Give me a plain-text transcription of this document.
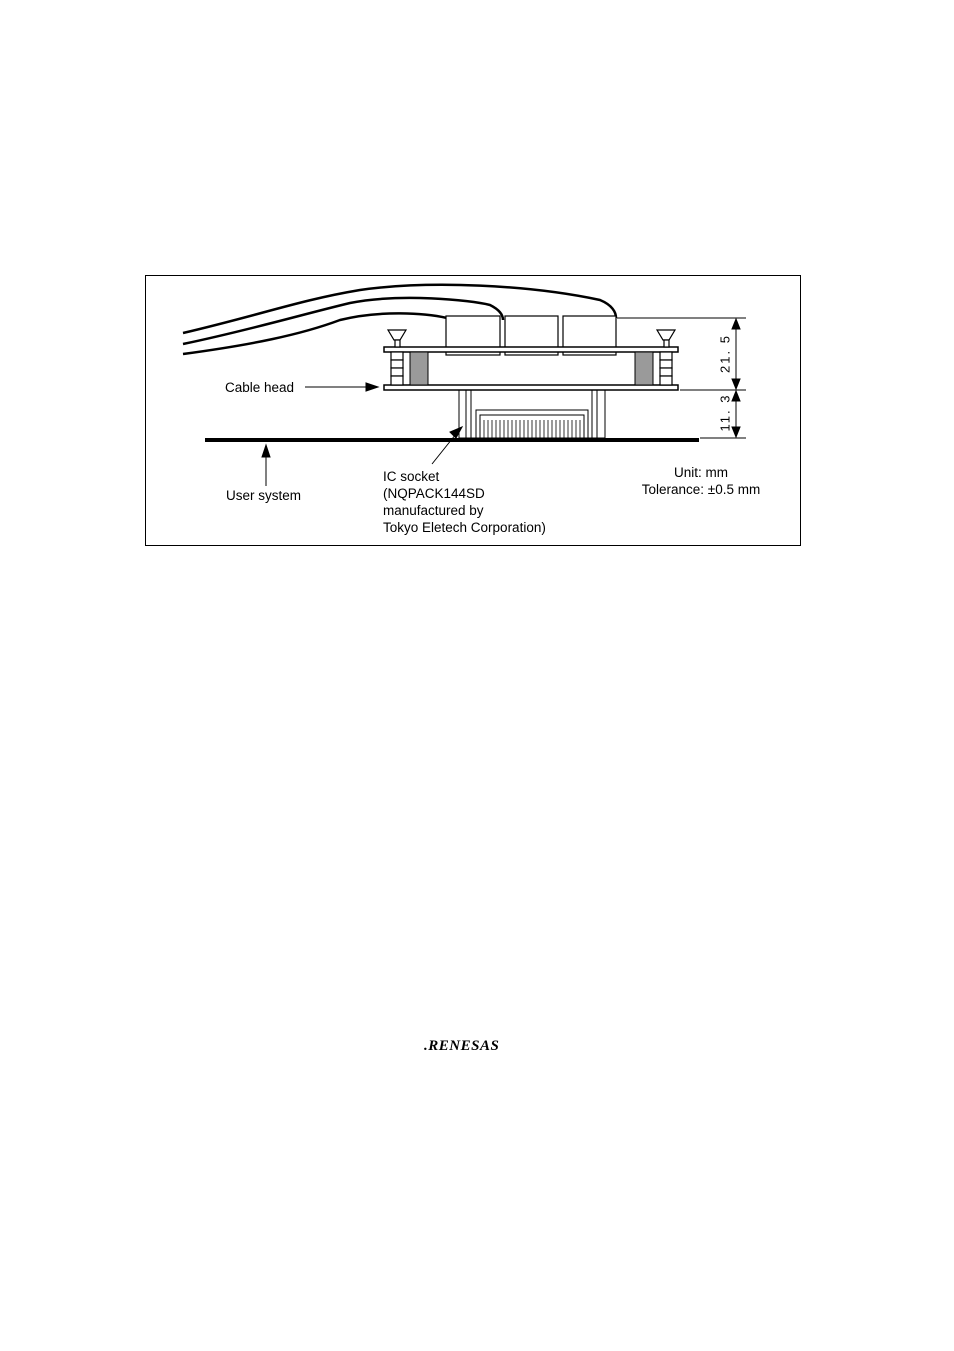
Cable head
User system
IC socket
(NQPACK144SD
manufactured by
Tokyo Eletech Corporation)
Unit: mm
Tolerance: ±0.5 mm
21. 5
11. 3
.RENESAS
